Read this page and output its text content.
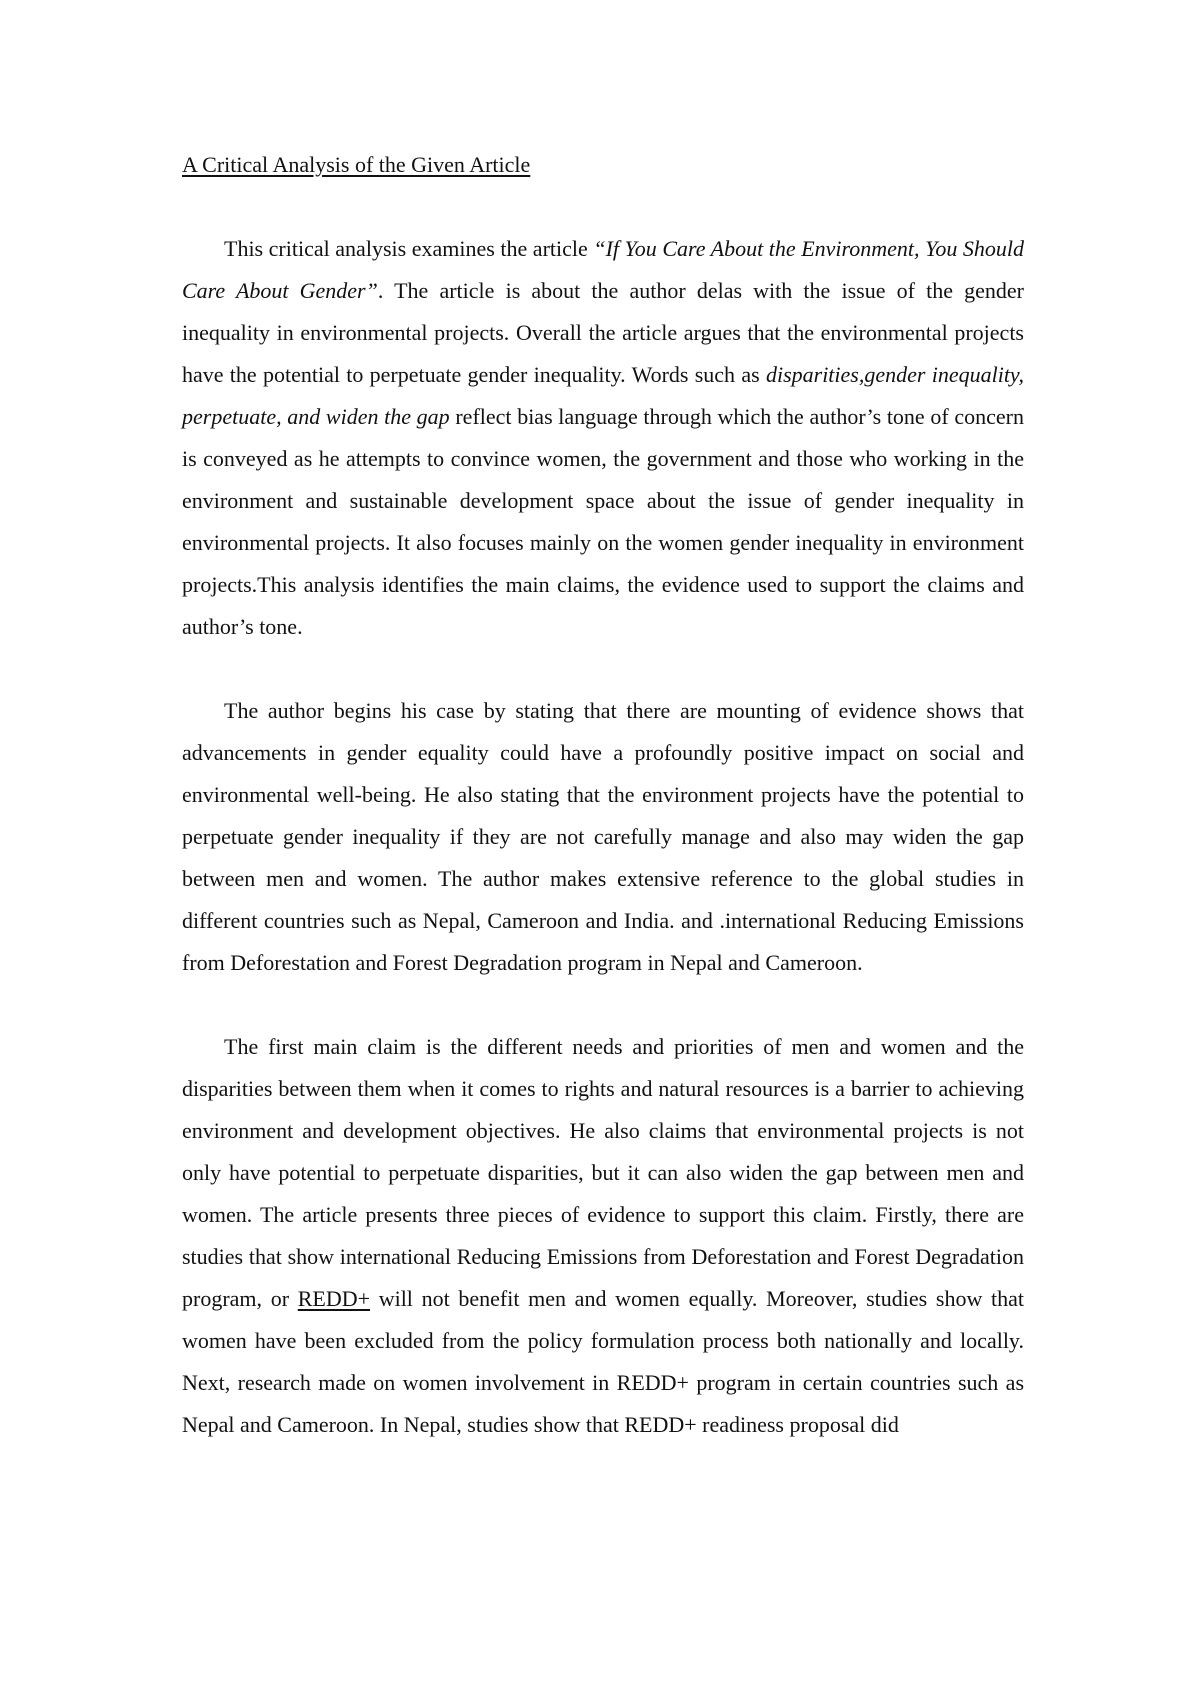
A Critical Analysis of the Given Article

This critical analysis examines the article “If You Care About the Environment, You Should Care About Gender”. The article is about the author delas with the issue of the gender inequality in environmental projects. Overall the article argues that the environmental projects have the potential to perpetuate gender inequality. Words such as disparities,gender inequality, perpetuate, and widen the gap reflect bias language through which the author’s tone of concern is conveyed as he attempts to convince women, the government and those who working in the environment and sustainable development space about the issue of gender inequality in environmental projects. It also focuses mainly on the women gender inequality in environment projects.This analysis identifies the main claims, the evidence used to support the claims and author’s tone.

The author begins his case by stating that there are mounting of evidence shows that advancements in gender equality could have a profoundly positive impact on social and environmental well-being. He also stating that the environment projects have the potential to perpetuate gender inequality if they are not carefully manage and also may widen the gap between men and women. The author makes extensive reference to the global studies in different countries such as Nepal, Cameroon and India. and .international Reducing Emissions from Deforestation and Forest Degradation program in Nepal and Cameroon.

The first main claim is the different needs and priorities of men and women and the disparities between them when it comes to rights and natural resources is a barrier to achieving environment and development objectives. He also claims that environmental projects is not only have potential to perpetuate disparities, but it can also widen the gap between men and women. The article presents three pieces of evidence to support this claim. Firstly, there are studies that show international Reducing Emissions from Deforestation and Forest Degradation program, or REDD+ will not benefit men and women equally. Moreover, studies show that women have been excluded from the policy formulation process both nationally and locally. Next, research made on women involvement in REDD+ program in certain countries such as Nepal and Cameroon. In Nepal, studies show that REDD+ readiness proposal did
